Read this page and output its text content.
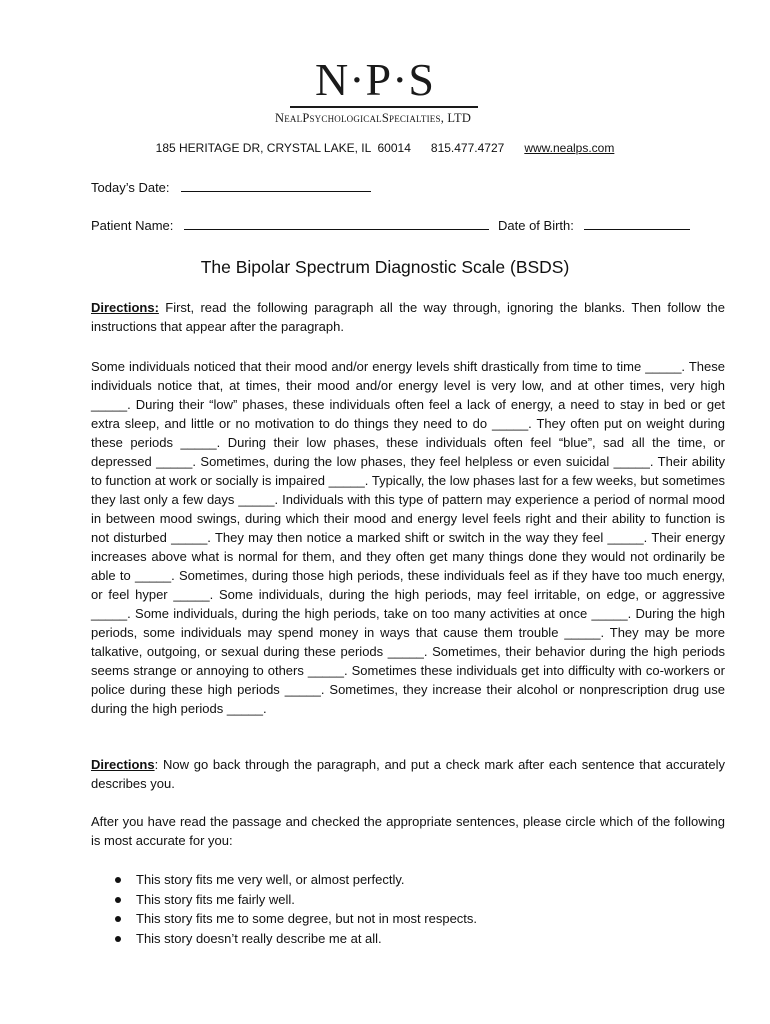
N·P·S
NealPsychologicalSpecialties, LTD
185 HERITAGE DR, CRYSTAL LAKE, IL  60014 815.477.4727 www.nealps.com
Today’s Date:
Patient Name:	Date of Birth:
The Bipolar Spectrum Diagnostic Scale (BSDS)
Directions: First, read the following paragraph all the way through, ignoring the blanks. Then follow the instructions that appear after the paragraph.
Some individuals noticed that their mood and/or energy levels shift drastically from time to time _____. These individuals notice that, at times, their mood and/or energy level is very low, and at other times, very high _____. During their “low” phases, these individuals often feel a lack of energy, a need to stay in bed or get extra sleep, and little or no motivation to do things they need to do _____. They often put on weight during these periods _____. During their low phases, these individuals often feel “blue”, sad all the time, or depressed _____. Sometimes, during the low phases, they feel helpless or even suicidal _____. Their ability to function at work or socially is impaired _____. Typically, the low phases last for a few weeks, but sometimes they last only a few days _____. Individuals with this type of pattern may experience a period of normal mood in between mood swings, during which their mood and energy level feels right and their ability to function is not disturbed _____. They may then notice a marked shift or switch in the way they feel _____. Their energy increases above what is normal for them, and they often get many things done they would not ordinarily be able to _____. Sometimes, during those high periods, these individuals feel as if they have too much energy, or feel hyper _____. Some individuals, during the high periods, may feel irritable, on edge, or aggressive _____. Some individuals, during the high periods, take on too many activities at once _____. During the high periods, some individuals may spend money in ways that cause them trouble _____. They may be more talkative, outgoing, or sexual during these periods _____. Sometimes, their behavior during the high periods seems strange or annoying to others _____. Sometimes these individuals get into difficulty with co-workers or police during these high periods _____. Sometimes, they increase their alcohol or nonprescription drug use during the high periods _____.
Directions: Now go back through the paragraph, and put a check mark after each sentence that accurately describes you.
After you have read the passage and checked the appropriate sentences, please circle which of the following is most accurate for you:
This story fits me very well, or almost perfectly.
This story fits me fairly well.
This story fits me to some degree, but not in most respects.
This story doesn’t really describe me at all.
